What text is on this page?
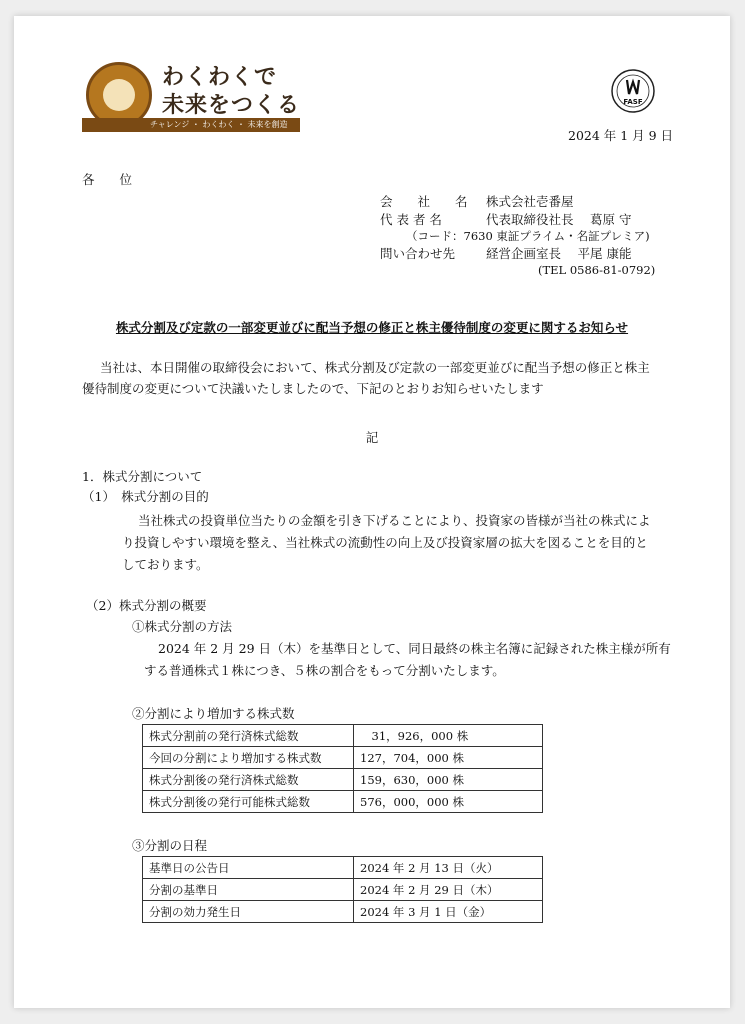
わくわくで
未来をつくる
チャレンジ ・ わくわく ・ 未来を創造
FASF
2024 年 1 月 9 日
各　　位
会　　社　　名 株式会社壱番屋
代 表 者 名	代表取締役社長　 葛原 守
（コード：7630 東証プライム・名証プレミア)
問い合わせ先 経営企画室長　 平尾 康能
(TEL 0586-81-0792)
株式分割及び定款の一部変更並びに配当予想の修正と株主優待制度の変更に関するお知らせ
当社は、本日開催の取締役会において、株式分割及び定款の一部変更並びに配当予想の修正と株主
優待制度の変更について決議いたしましたので、下記のとおりお知らせいたします
記
1．株式分割について
（1）　株式分割の目的
当社株式の投資単位当たりの金額を引き下げることにより、投資家の皆様が当社の株式によ
り投資しやすい環境を整え、当社株式の流動性の向上及び投資家層の拡大を図ることを目的と
しております。
（2）株式分割の概要
①株式分割の方法
2024 年 2 月 29 日（木）を基準日として、同日最終の株主名簿に記録された株主様が所有
する普通株式１株につき、５株の割合をもって分割いたします。
②分割により増加する株式数
株式分割前の発行済株式総数	　31，926，000 株
今回の分割により増加する株式数	127，704，000 株
株式分割後の発行済株式総数	159，630，000 株
株式分割後の発行可能株式総数	576，000，000 株
③分割の日程
基準日の公告日	2024 年 2 月 13 日（火）
分割の基準日	2024 年 2 月 29 日（木）
分割の効力発生日	2024 年 3 月 1 日（金）
